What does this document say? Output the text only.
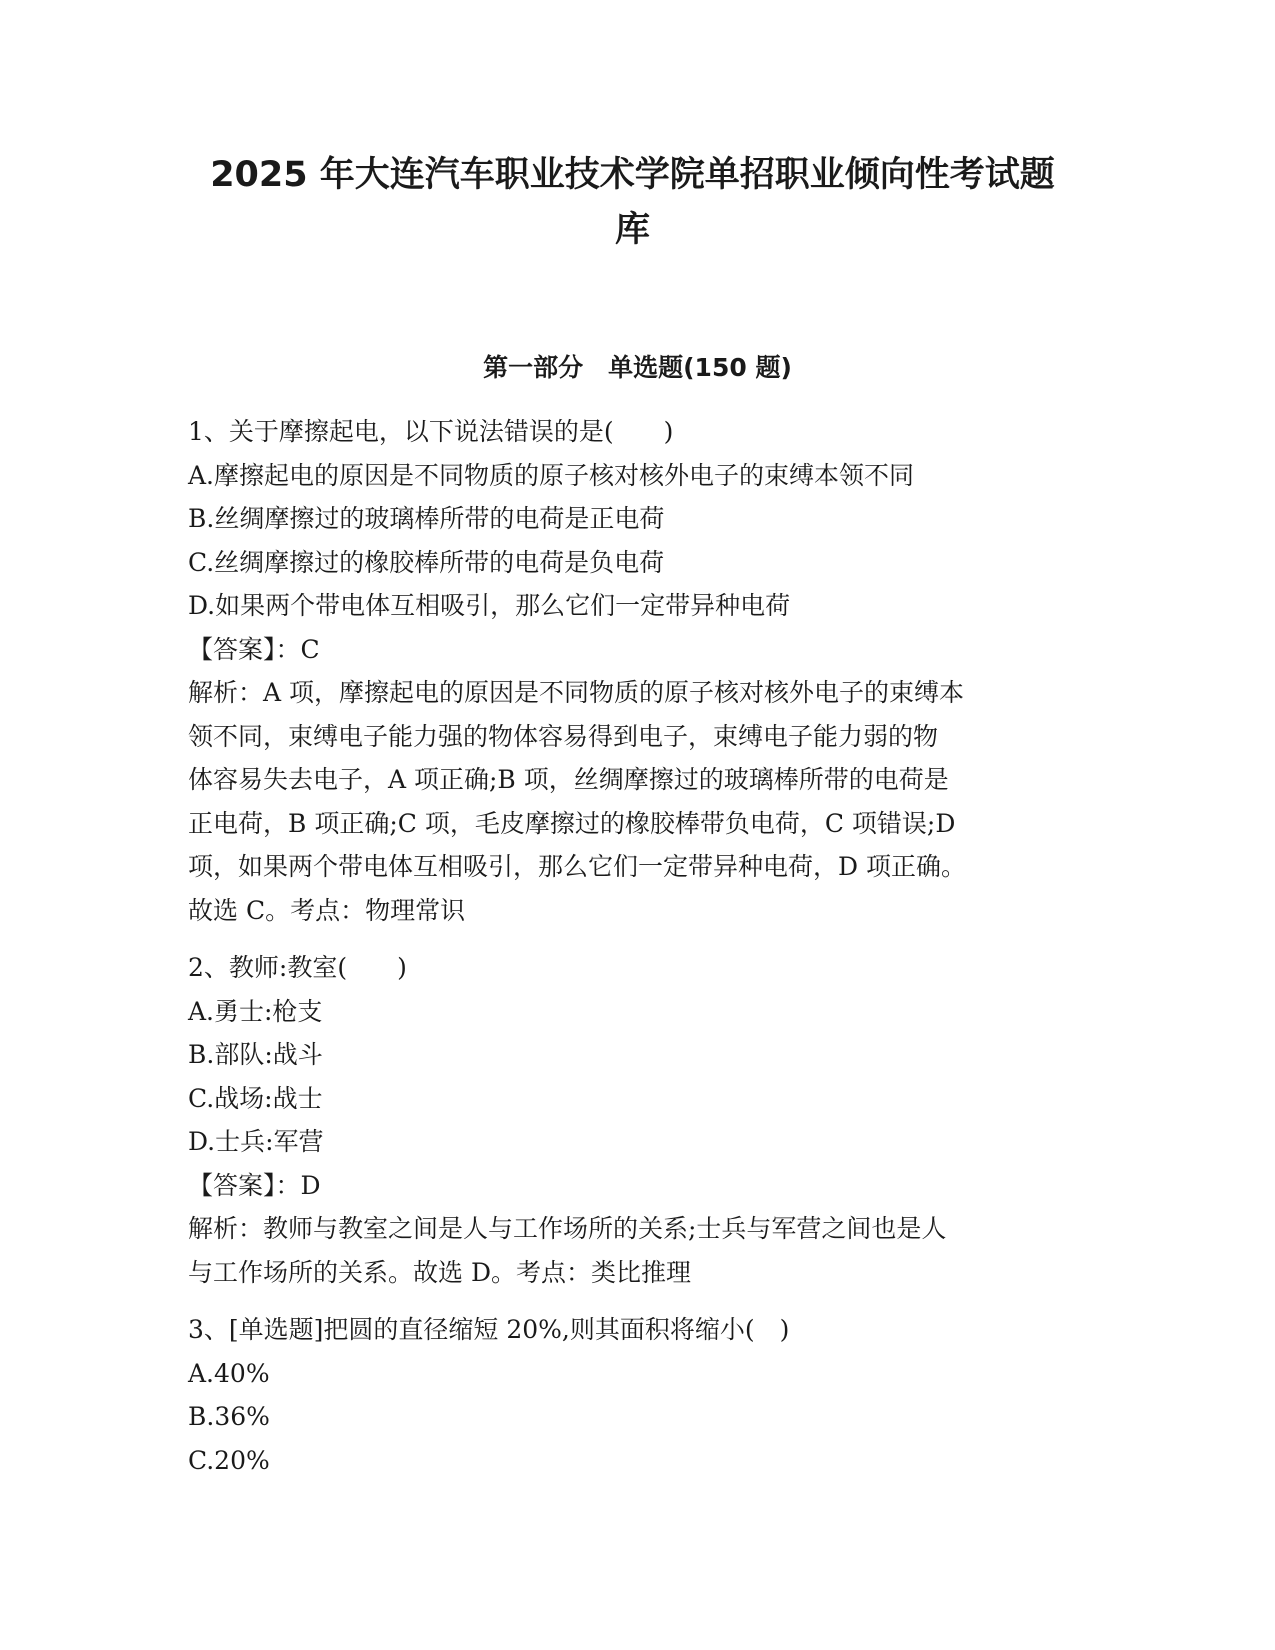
2025 年大连汽车职业技术学院单招职业倾向性考试题
库
第一部分　单选题(150 题)
1、关于摩擦起电，以下说法错误的是(　　)
A.摩擦起电的原因是不同物质的原子核对核外电子的束缚本领不同
B.丝绸摩擦过的玻璃棒所带的电荷是正电荷
C.丝绸摩擦过的橡胶棒所带的电荷是负电荷
D.如果两个带电体互相吸引，那么它们一定带异种电荷
【答案】：C
解析：A 项，摩擦起电的原因是不同物质的原子核对核外电子的束缚本
领不同，束缚电子能力强的物体容易得到电子，束缚电子能力弱的物
体容易失去电子，A 项正确;B 项，丝绸摩擦过的玻璃棒所带的电荷是
正电荷，B 项正确;C 项，毛皮摩擦过的橡胶棒带负电荷，C 项错误;D
项，如果两个带电体互相吸引，那么它们一定带异种电荷，D 项正确。
故选 C。考点：物理常识
2、教师:教室(　　)
A.勇士:枪支
B.部队:战斗
C.战场:战士
D.士兵:军营
【答案】：D
解析：教师与教室之间是人与工作场所的关系;士兵与军营之间也是人
与工作场所的关系。故选 D。考点：类比推理
3、[单选题]把圆的直径缩短 20%,则其面积将缩小(　)
A.40%
B.36%
C.20%
